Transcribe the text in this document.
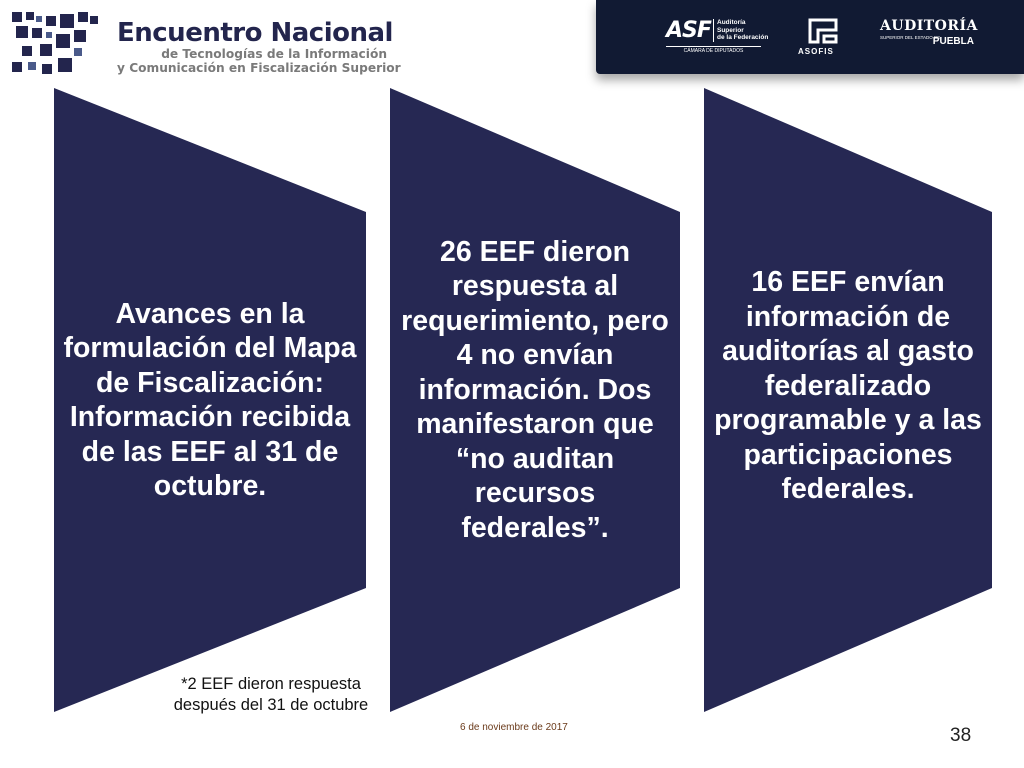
Encuentro Nacional
de Tecnologías de la Información
y Comunicación en Fiscalización Superior
ASF Auditoría
Superior
de la Federación
CÁMARA DE DIPUTADOS	ASOFIS
AUDITORÍA
SUPERIOR DEL ESTADO DE
PUEBLA
Avances en la formulación del Mapa de Fiscalización: Información recibida de las EEF al 31 de octubre.
26 EEF dieron respuesta al requerimiento, pero 4 no envían información. Dos manifestaron que “no auditan recursos federales”.
16 EEF envían información de auditorías al gasto federalizado programable y a las participaciones federales.
*2 EEF dieron respuesta después del 31 de octubre
6 de noviembre de 2017	38
